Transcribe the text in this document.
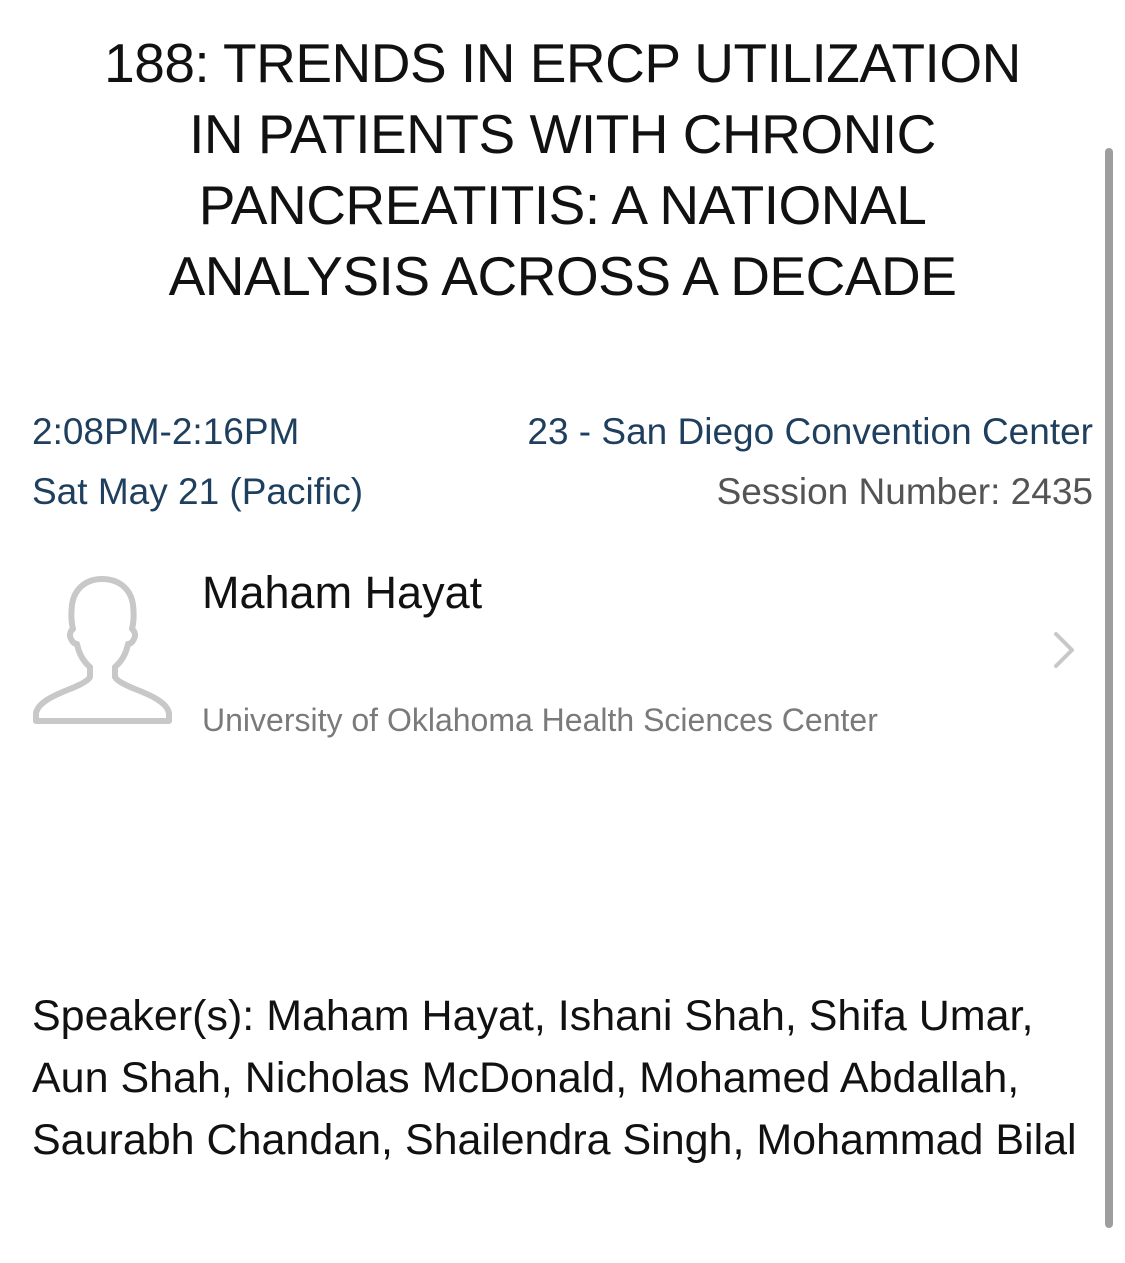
188: TRENDS IN ERCP UTILIZATION
IN PATIENTS WITH CHRONIC
PANCREATITIS: A NATIONAL
ANALYSIS ACROSS A DECADE
2:08PM-2:16PM
Sat May 21 (Pacific)
23 - San Diego Convention Center
Session Number: 2435
Maham Hayat
University of Oklahoma Health Sciences Center

Speaker(s): Maham Hayat, Ishani Shah, Shifa Umar, Aun Shah, Nicholas McDonald, Mohamed Abdallah, Saurabh Chandan, Shailendra Singh, Mohammad Bilal
